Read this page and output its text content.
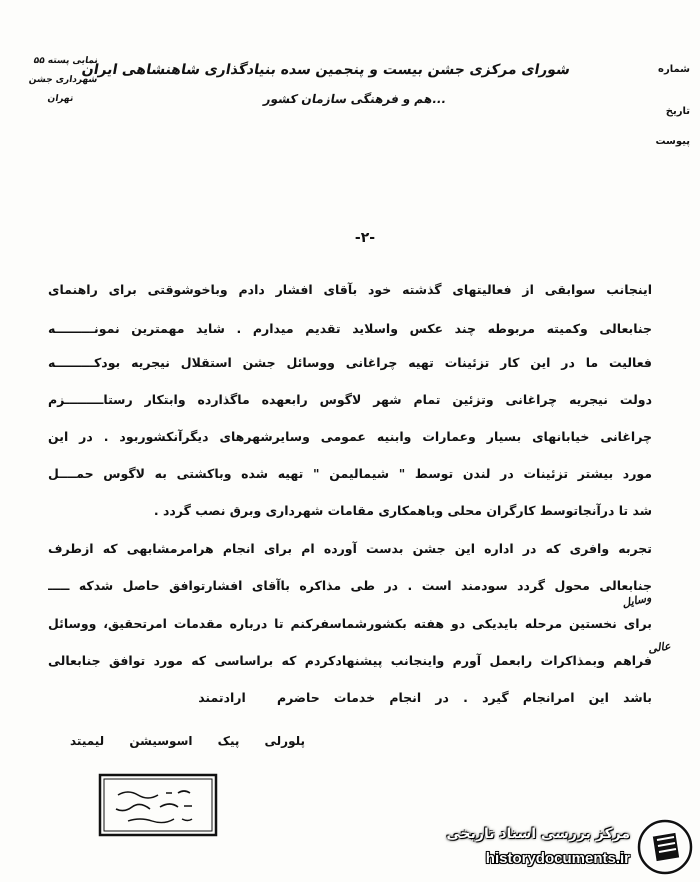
نمایی پسته ۵۵
شهرداری جشن
تهران
شورای مرکزی جشن بیست و پنجمین سده بنیادگذاری شاهنشاهی ایران
...هم و فرهنگی سازمان کشور
شماره
تاریخ
پیوست
-۲-
اینجانب سوابقی از فعالیتهای گذشته خود بآقای افشار دادم وباخوشوقتی برای راهنمای
جنابعالی وکمیته مربوطه چند عکس واسلاید تقدیم میدارم . شاید مهمترین نمونـــــــــه
فعالیت ما در این کار تزئینات تهیه چراغانی ووسائل جشن استقلال نیجریه بودکـــــــــه
دولت نیجریه چراغانی وتزئین تمام شهر لاگوس رابعهده ماگذارده وابتکار رستاـــــــــزم
چراغانی خیابانهای بسیار وعمارات وابنیه عمومی وسایرشهرهای دیگرآنکشوربود . در این
مورد بیشتر تزئینات در لندن توسط " شیمالیمن " تهیه شده وباکشتی به لاگوس حمــــل
شد تا درآنجاتوسط کارگران محلی وباهمکاری مقامات شهرداری وبرق نصب گردد .
تجربه وافری که در اداره این جشن بدست آورده ام برای انجام هرامرمشابهی که ازطرف
جنابعالی محول گردد سودمند است . در طی مذاکره باآقای افشارتوافق حاصل شدکه ـــــ
برای نخستین مرحله بایدیکی دو هفته بکشورشماسفرکنم تا درباره مقدمات امرتحقیق، ووسائل
فراهم وبمذاکرات رابعمل آورم واینجانب پیشنهادکردم که براساسی که مورد توافق جنابعالی
باشد این امرانجام گیرد . در انجام خدمات حاضرم
ارادتمند
وسایل
عالی
پلورلی پیک اسوسیشن لیمیتد
مرکز بررسی اسناد تاریخی
historydocuments.ir
